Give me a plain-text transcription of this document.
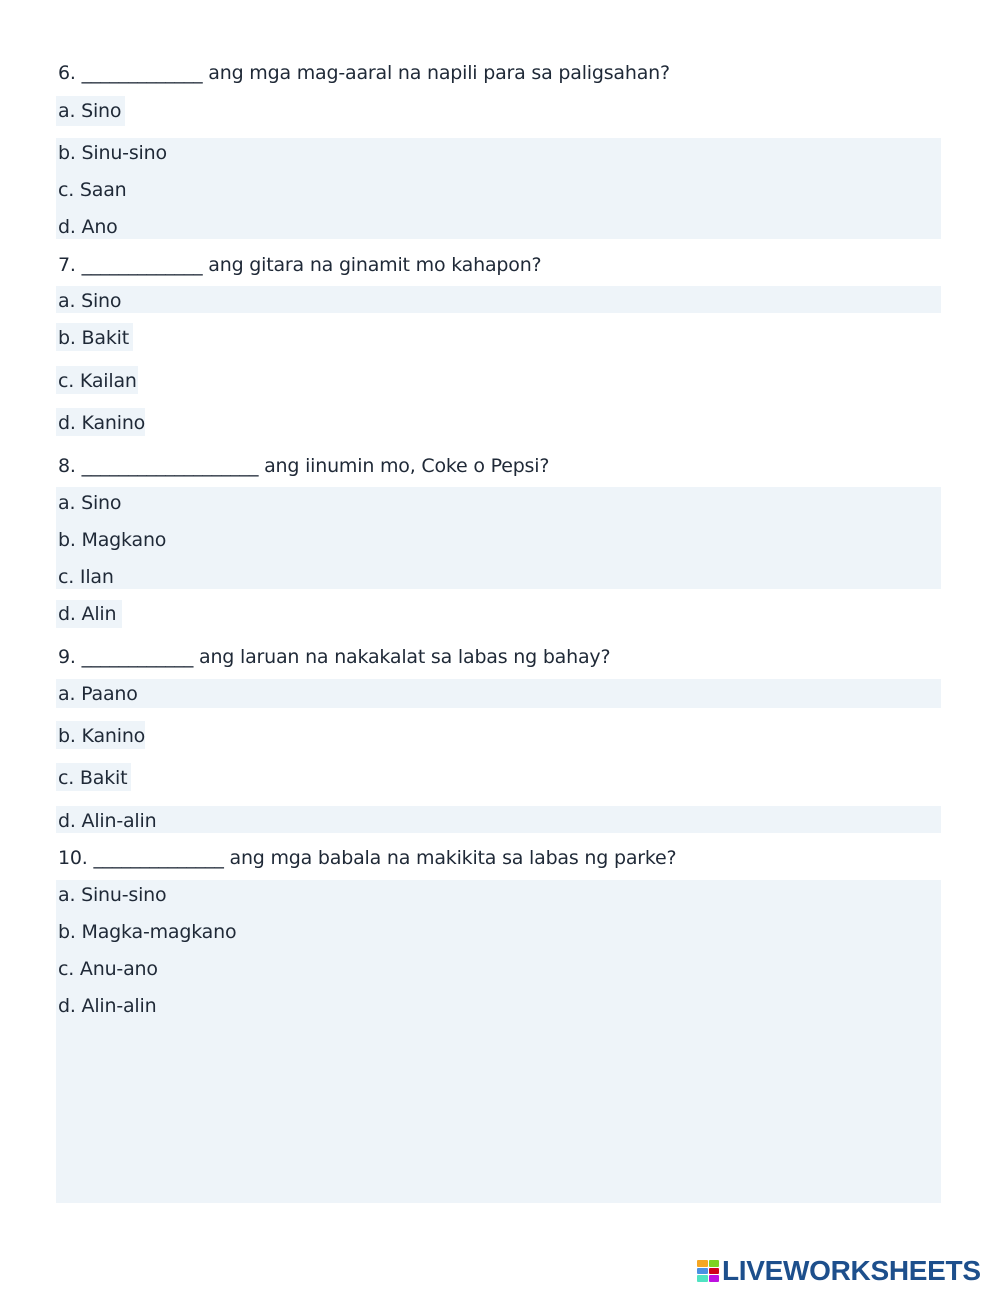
6. _____________ ang mga mag-aaral na napili para sa paligsahan?
a. Sino
b. Sinu-sino
c. Saan
d. Ano
7. _____________ ang gitara na ginamit mo kahapon?
a. Sino
b. Bakit
c. Kailan
d. Kanino
8. ___________________ ang iinumin mo, Coke o Pepsi?
a. Sino
b. Magkano
c. Ilan
d. Alin
9. ____________ ang laruan na nakakalat sa labas ng bahay?
a. Paano
b. Kanino
c. Bakit
d. Alin-alin
10. ______________ ang mga babala na makikita sa labas ng parke?
a. Sinu-sino
b. Magka-magkano
c. Anu-ano
d. Alin-alin
LIVEWORKSHEETS
